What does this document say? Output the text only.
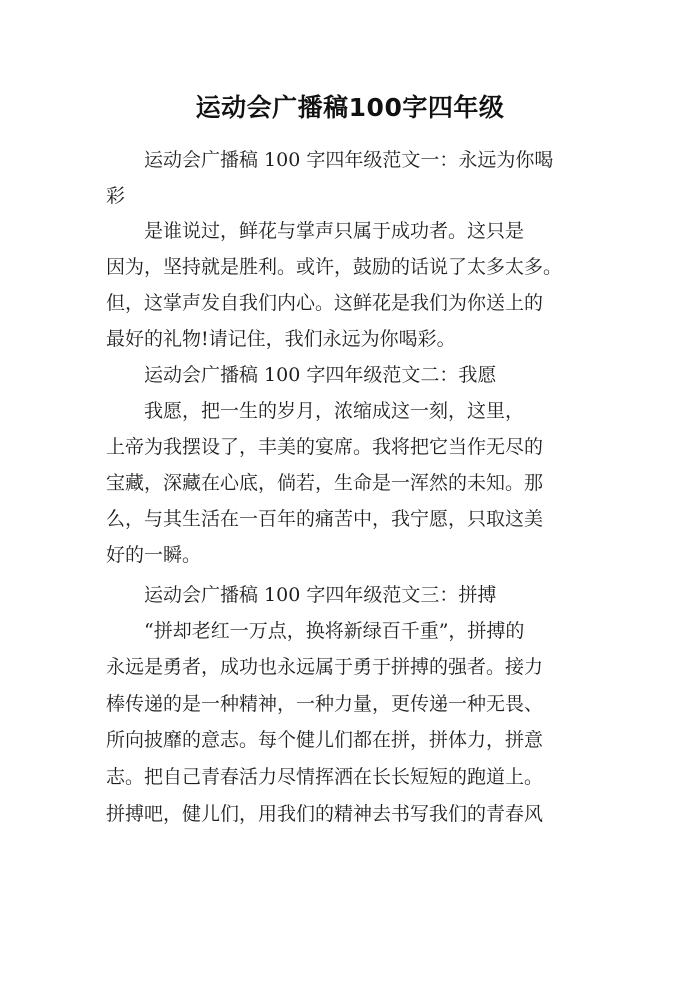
运动会广播稿100字四年级
　　运动会广播稿 100 字四年级范文一：永远为你喝
彩
　　是谁说过，鲜花与掌声只属于成功者。这只是
因为，坚持就是胜利。或许，鼓励的话说了太多太多。
但，这掌声发自我们内心。这鲜花是我们为你送上的
最好的礼物!请记住，我们永远为你喝彩。
　　运动会广播稿 100 字四年级范文二：我愿
　　我愿，把一生的岁月，浓缩成这一刻，这里，
上帝为我摆设了，丰美的宴席。我将把它当作无尽的
宝藏，深藏在心底，倘若，生命是一浑然的未知。那
么，与其生活在一百年的痛苦中，我宁愿，只取这美
好的一瞬。
　　运动会广播稿 100 字四年级范文三：拼搏
　　“拼却老红一万点，换将新绿百千重”，拼搏的
永远是勇者，成功也永远属于勇于拼搏的强者。接力
棒传递的是一种精神，一种力量，更传递一种无畏、
所向披靡的意志。每个健儿们都在拼，拼体力，拼意
志。把自己青春活力尽情挥洒在长长短短的跑道上。
拼搏吧，健儿们，用我们的精神去书写我们的青春风
